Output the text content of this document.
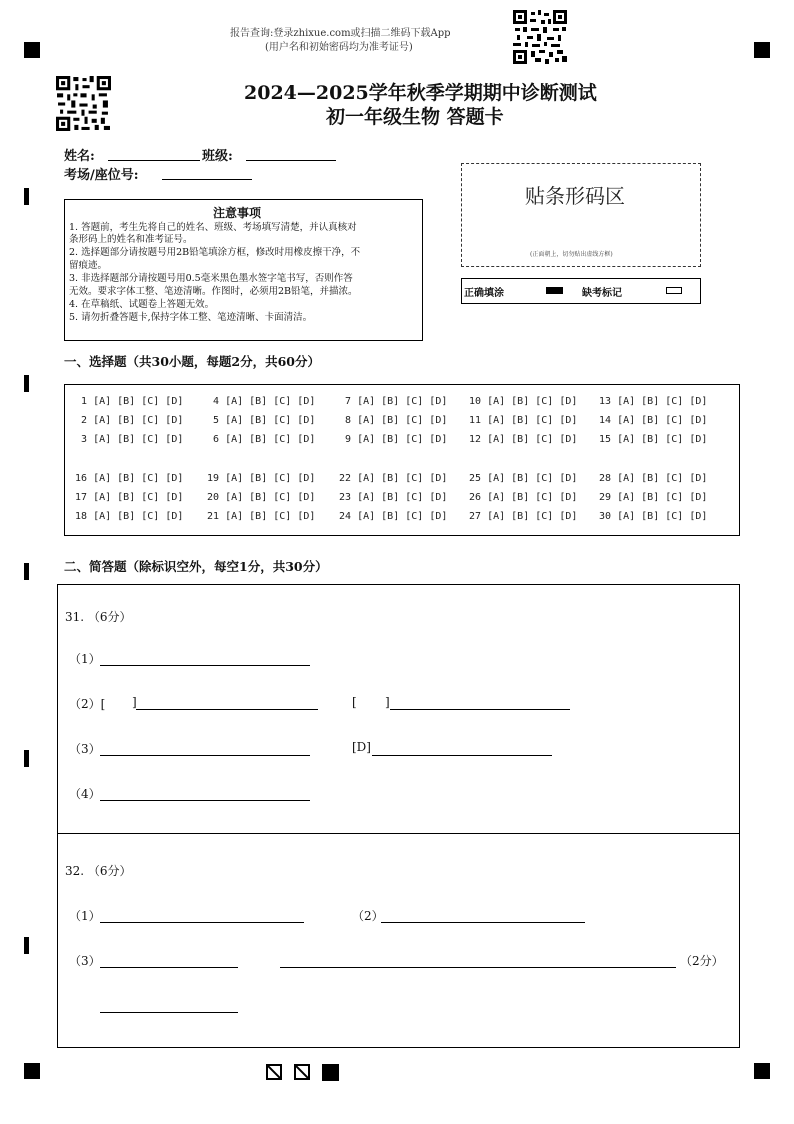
报告查询:登录zhixue.com或扫描二维码下载App
(用户名和初始密码均为准考证号)
2024—2025学年秋季学期期中诊断测试
初一年级生物 答题卡
姓名:	班级:
考场/座位号:
贴条形码区
(正面朝上，切勿贴出虚线方框)
正确填涂	缺考标记
注意事项
1. 答题前，考生先将自己的姓名、班级、考场填写清楚，并认真核对
条形码上的姓名和准考证号。
2. 选择题部分请按题号用2B铅笔填涂方框，修改时用橡皮擦干净，不
留痕迹。
3. 非选择题部分请按题号用0.5毫米黑色墨水签字笔书写，否则作答
无效。要求字体工整、笔迹清晰。作图时，必须用2B铅笔，并描浓。
4. 在草稿纸、试题卷上答题无效。
5. 请勿折叠答题卡,保持字体工整、笔迹清晰、卡面清洁。
一、选择题（共30小题，每题2分，共60分）
1 [A] [B] [C] [D]
2 [A] [B] [C] [D]
3 [A] [B] [C] [D]
4 [A] [B] [C] [D]
5 [A] [B] [C] [D]
6 [A] [B] [C] [D]
7 [A] [B] [C] [D]
8 [A] [B] [C] [D]
9 [A] [B] [C] [D]
10 [A] [B] [C] [D]
11 [A] [B] [C] [D]
12 [A] [B] [C] [D]
13 [A] [B] [C] [D]
14 [A] [B] [C] [D]
15 [A] [B] [C] [D]
16 [A] [B] [C] [D]
17 [A] [B] [C] [D]
18 [A] [B] [C] [D]
19 [A] [B] [C] [D]
20 [A] [B] [C] [D]
21 [A] [B] [C] [D]
22 [A] [B] [C] [D]
23 [A] [B] [C] [D]
24 [A] [B] [C] [D]
25 [A] [B] [C] [D]
26 [A] [B] [C] [D]
27 [A] [B] [C] [D]
28 [A] [B] [C] [D]
29 [A] [B] [C] [D]
30 [A] [B] [C] [D]
二、简答题（除标识空外，每空1分，共30分）
31. （6分）
（1）
（2）[ ]	[ ]
（3）	[D]
（4）
32. （6分）
（1）	（2）
（3）	（2分）
